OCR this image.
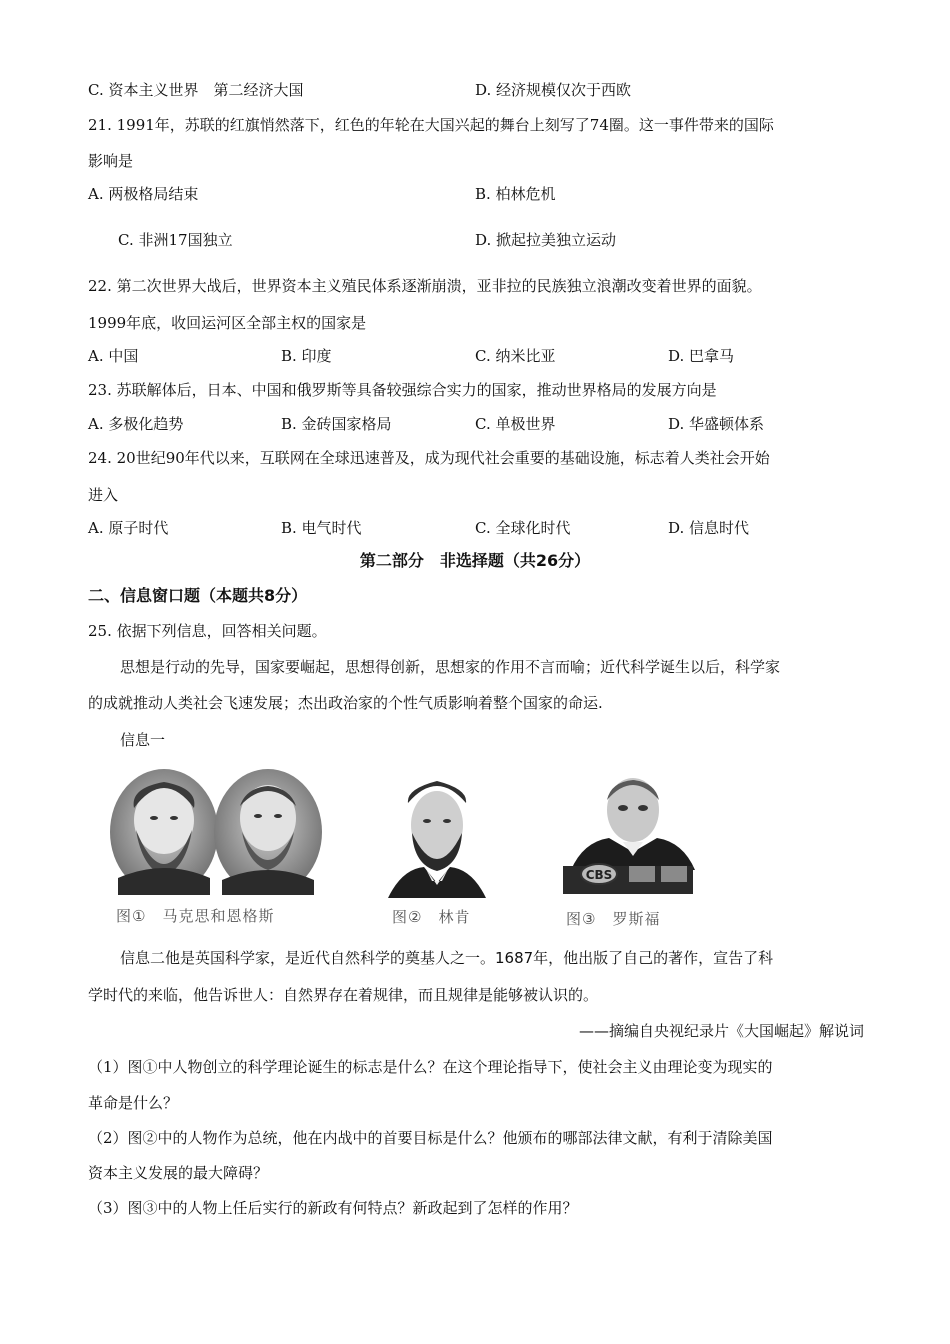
C. 资本主义世界　第二经济大国	D. 经济规模仅次于西欧
21. 1991年，苏联的红旗悄然落下，红色的年轮在大国兴起的舞台上刻写了74圈。这一事件带来的国际
影响是
A. 两极格局结束	B. 柏林危机
C. 非洲17国独立	D. 掀起拉美独立运动
22. 第二次世界大战后，世界资本主义殖民体系逐渐崩溃，亚非拉的民族独立浪潮改变着世界的面貌。
1999年底，收回运河区全部主权的国家是
A. 中国	B. 印度	C. 纳米比亚	D. 巴拿马
23. 苏联解体后，日本、中国和俄罗斯等具备较强综合实力的国家，推动世界格局的发展方向是
A. 多极化趋势	B. 金砖国家格局	C. 单极世界	D. 华盛顿体系
24. 20世纪90年代以来，互联网在全球迅速普及，成为现代社会重要的基础设施，标志着人类社会开始
进入
A. 原子时代	B. 电气时代	C. 全球化时代	D. 信息时代
第二部分　非选择题（共26分）
二、信息窗口题（本题共8分）
25. 依据下列信息，回答相关问题。
思想是行动的先导，国家要崛起，思想得创新，思想家的作用不言而喻；近代科学诞生以后，科学家
的成就推动人类社会飞速发展；杰出政治家的个性气质影响着整个国家的命运.
信息一
图①　马克思和恩格斯	图②　林肯
CBS
图③　罗斯福
信息二他是英国科学家，是近代自然科学的奠基人之一。1687年，他出版了自己的著作，宣告了科
学时代的来临，他告诉世人：自然界存在着规律，而且规律是能够被认识的。
——摘编自央视纪录片《大国崛起》解说词
（1）图①中人物创立的科学理论诞生的标志是什么？在这个理论指导下，使社会主义由理论变为现实的
革命是什么？
（2）图②中的人物作为总统，他在内战中的首要目标是什么？他颁布的哪部法律文献，有利于清除美国
资本主义发展的最大障碍？
（3）图③中的人物上任后实行的新政有何特点？新政起到了怎样的作用？
